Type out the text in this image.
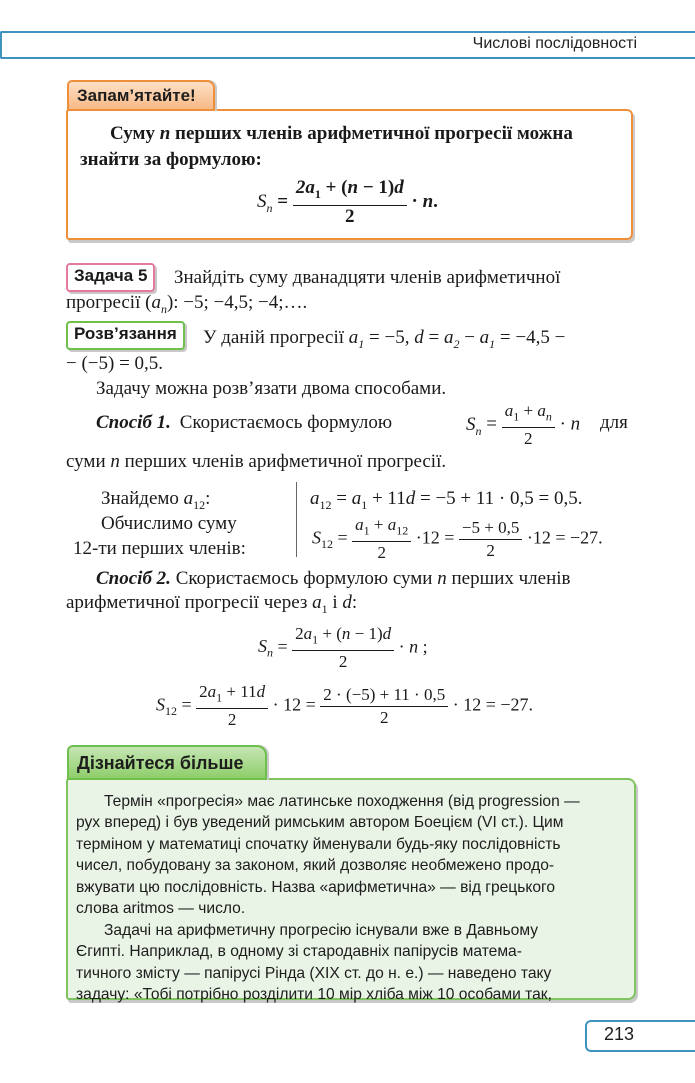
Числові послідовності
Запам’ятайте!
Суму n перших членів арифметичної прогресії можна
знайти за формулою:
$S_n = \frac{2a_1 + (n - 1)d}{2} \cdot n$.
Задача 5	Знайдіть суму дванадцяти членів арифметичної
прогресії $(a_n)$: −5; −4,5; −4;….
Розв’язання	У даній прогресії $a_1 = -5$, $d = a_2 - a_1 = -4,5$ −
− (−5) = 0,5.
Задачу можна розв’язати двома способами.
Спосіб 1. Скористаємось формулою	$S_n = \frac{a_1 + a_n}{2} \cdot n$ для
суми n перших членів арифметичної прогресії.
Знайдемо $a_{12}$:
Обчислимо суму
12-ти перших членів:
$a_{12} = a_1 + 11d = -5 + 11 \cdot 0,5 = 0,5$.
$S_{12} = \frac{a_1 + a_{12}}{2} \cdot 12 = \frac{-5 + 0,5}{2} \cdot 12 = -27$.
Спосіб 2. Скористаємось формулою суми n перших членів
арифметичної прогресії через $a_1$ і d:
$S_n = \frac{2a_1 + (n - 1)d}{2} \cdot n$ ;
$S_{12} = \frac{2a_1 + 11d}{2} \cdot 12 = \frac{2 \cdot (-5) + 11 \cdot 0,5}{2} \cdot 12 = -27$.
Дізнайтеся більше
Термін «прогресія» має латинське походження (від progression —
рух вперед) і був уведений римським автором Боецієм (VI ст.). Цим
терміном у математиці спочатку йменували будь-яку послідовність
чисел, побудовану за законом, який дозволяє необмежено продо-
вжувати цю послідовність. Назва «арифметична» — від грецького
слова aritmos — число.
Задачі на арифметичну прогресію існували вже в Давньому
Єгипті. Наприклад, в одному зі стародавніх папірусів матема-
тичного змісту — папірусі Рінда (XIX ст. до н. е.) — наведено таку
задачу: «Тобі потрібно розділити 10 мір хліба між 10 особами так,
213
